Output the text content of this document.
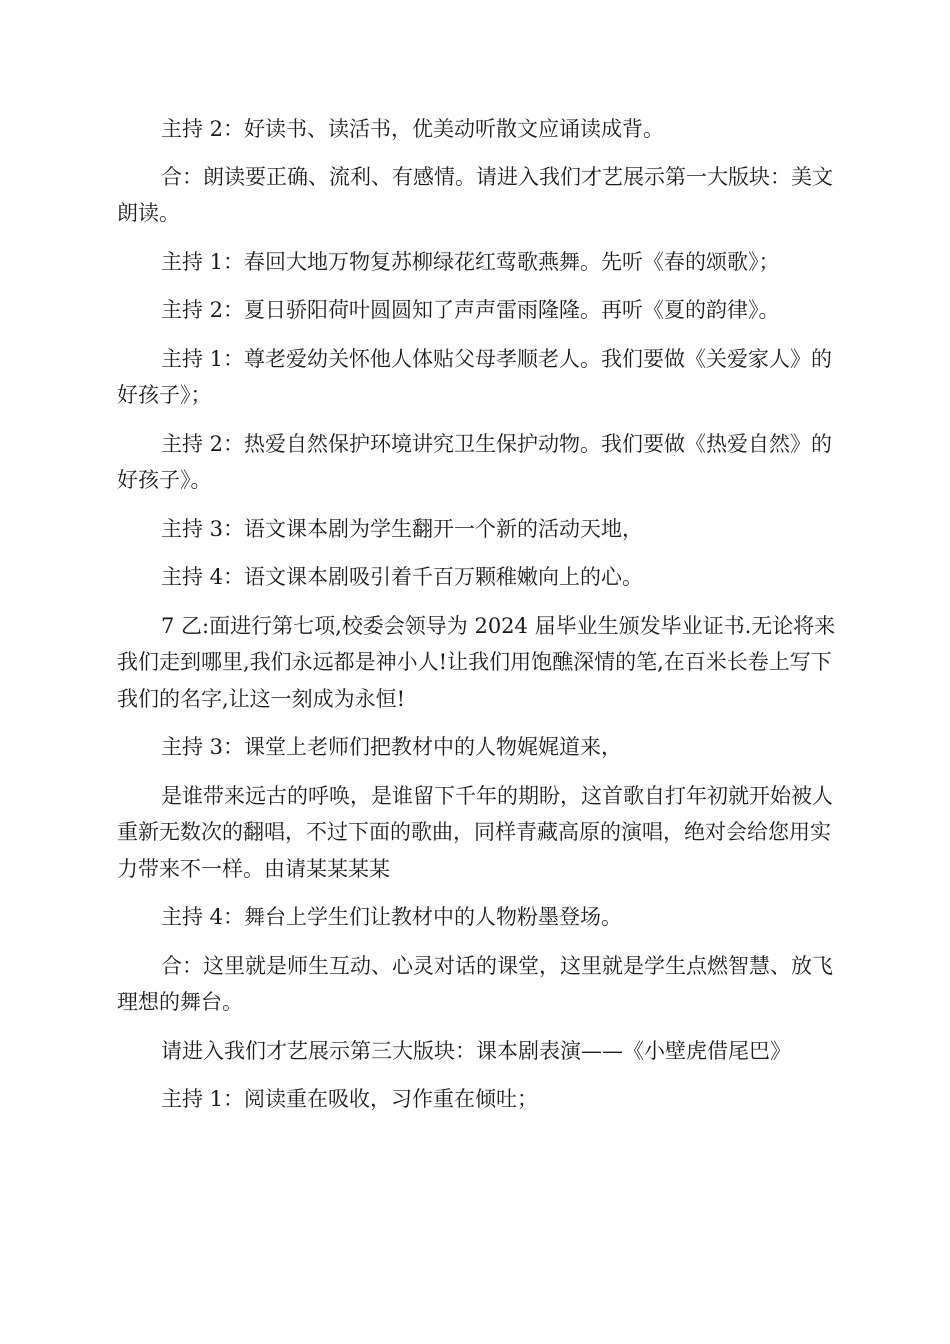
主持 2：好读书、读活书，优美动听散文应诵读成背。

合：朗读要正确、流利、有感情。请进入我们才艺展示第一大版块：美文朗读。

主持 1：春回大地万物复苏柳绿花红莺歌燕舞。先听《春的颂歌》；

主持 2：夏日骄阳荷叶圆圆知了声声雷雨隆隆。再听《夏的韵律》。

主持 1：尊老爱幼关怀他人体贴父母孝顺老人。我们要做《关爱家人》的好孩子》；

主持 2：热爱自然保护环境讲究卫生保护动物。我们要做《热爱自然》的好孩子》。

主持 3：语文课本剧为学生翻开一个新的活动天地，

主持 4：语文课本剧吸引着千百万颗稚嫩向上的心。

7 乙:面进行第七项,校委会领导为 2024 届毕业生颁发毕业证书.无论将来我们走到哪里,我们永远都是神小人!让我们用饱醮深情的笔,在百米长卷上写下我们的名字,让这一刻成为永恒!

主持 3：课堂上老师们把教材中的人物娓娓道来，

是谁带来远古的呼唤，是谁留下千年的期盼，这首歌自打年初就开始被人重新无数次的翻唱，不过下面的歌曲，同样青藏高原的演唱，绝对会给您用实力带来不一样。由请某某某某

主持 4：舞台上学生们让教材中的人物粉墨登场。

合：这里就是师生互动、心灵对话的课堂，这里就是学生点燃智慧、放飞理想的舞台。

请进入我们才艺展示第三大版块：课本剧表演——《小壁虎借尾巴》

主持 1：阅读重在吸收，习作重在倾吐；
